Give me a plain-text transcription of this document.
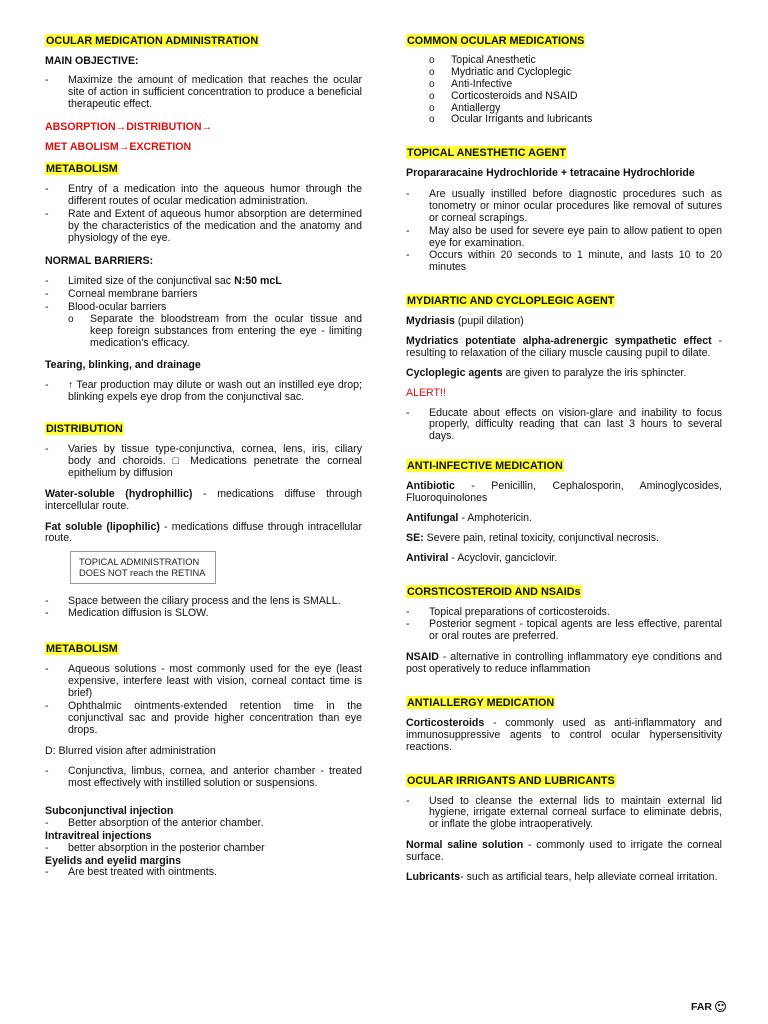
OCULAR MEDICATION ADMINISTRATION

MAIN OBJECTIVE:

- Maximize the amount of medication that reaches the ocular site of action in sufficient concentration to produce a beneficial therapeutic effect.

ABSORPTION→DISTRIBUTION→

MET ABOLISM→EXCRETION

METABOLISM
- Entry of a medication into the aqueous humor through the different routes of ocular medication administration.
- Rate and Extent of aqueous humor absorption are determined by the characteristics of the medication and the anatomy and physiology of the eye.

NORMAL BARRIERS:

- Limited size of the conjunctival sac N:50 mcL
- Corneal membrane barriers
- Blood-ocular barriers
o Separate the bloodstream from the ocular tissue and keep foreign substances from entering the eye - limiting medication’s efficacy.

Tearing, blinking, and drainage

- ↑ Tear production may dilute or wash out an instilled eye drop; blinking expels eye drop from the conjunctival sac.
DISTRIBUTION
- Varies by tissue type-conjunctiva, cornea, lens, iris, ciliary body and choroids. □ Medications penetrate the corneal epithelium by diffusion

Water-soluble (hydrophillic) - medications diffuse through intercellular route.

Fat soluble (lipophilic) - medications diffuse through intracellular route.

TOPICAL ADMINISTRATION
DOES NOT reach the RETINA
- Space between the ciliary process and the lens is SMALL.
- Medication diffusion is SLOW.
METABOLISM
- Aqueous solutions - most commonly used for the eye (least expensive, interfere least with vision, corneal contact time is brief)
- Ophthalmic ointments-extended retention time in the conjunctival sac and provide higher concentration than eye drops.

D: Blurred vision after administration

- Conjunctiva, limbus, cornea, and anterior chamber - treated most effectively with instilled solution or suspensions.
Subconjunctival injection
- Better absorption of the anterior chamber.
Intravitreal injections
- better absorption in the posterior chamber
Eyelids and eyelid margins
- Are best treated with ointments.
COMMON OCULAR MEDICATIONS
o Topical Anesthetic
o Mydriatic and Cycloplegic
o Anti-Infective
o Corticosteroids and NSAID
o Antiallergy
o Ocular Irrigants and lubricants
TOPICAL ANESTHETIC AGENT

Propararacaine Hydrochloride + tetracaine Hydrochloride

- Are usually instilled before diagnostic procedures such as tonometry or minor ocular procedures like removal of sutures or corneal scrapings.
- May also be used for severe eye pain to allow patient to open eye for examination.
- Occurs within 20 seconds to 1 minute, and lasts 10 to 20 minutes
MYDIARTIC AND CYCLOPLEGIC AGENT

Mydriasis (pupil dilation)

Mydriatics potentiate alpha-adrenergic sympathetic effect - resulting to relaxation of the ciliary muscle causing pupil to dilate.

Cycloplegic agents are given to paralyze the iris sphincter.

ALERT!!

- Educate about effects on vision-glare and inability to focus properly, difficulty reading that can last 3 hours to several days.
ANTI-INFECTIVE MEDICATION

Antibiotic - Penicillin, Cephalosporin, Aminoglycosides, Fluoroquinolones

Antifungal - Amphotericin.

SE: Severe pain, retinal toxicity, conjunctival necrosis.

Antiviral - Acyclovir, ganciclovir.

CORSTICOSTEROID AND NSAIDs
- Topical preparations of corticosteroids.
- Posterior segment - topical agents are less effective, parental or oral routes are preferred.

NSAID - alternative in controlling inflammatory eye conditions and post operatively to reduce inflammation

ANTIALLERGY MEDICATION

Corticosteroids - commonly used as anti-inflammatory and immunosuppressive agents to control ocular hypersensitivity reactions.

OCULAR IRRIGANTS AND LUBRICANTS
- Used to cleanse the external lids to maintain external lid hygiene, irrigate external corneal surface to eliminate debris, or inflate the globe intraoperatively.

Normal saline solution - commonly used to irrigate the corneal surface.

Lubricants- such as artificial tears, help alleviate corneal irritation.

FAR
